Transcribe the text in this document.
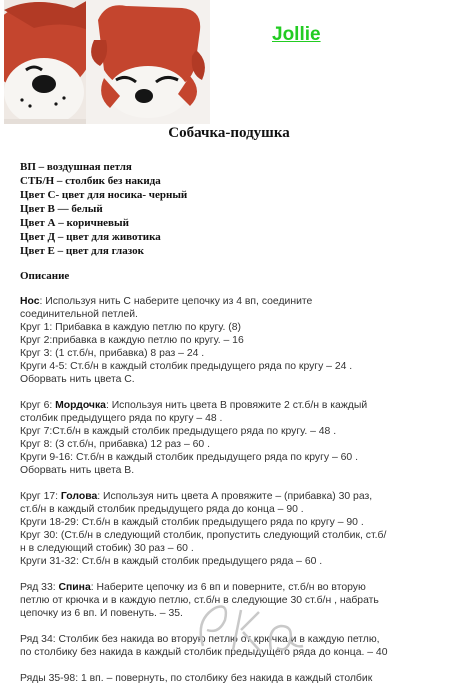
Jollie
Собачка-подушка
ВП – воздушная петля
СТБ/Н – столбик без накида
Цвет С- цвет для носика- черный
Цвет В — белый
Цвет А – коричневый
Цвет Д – цвет для животика
Цвет Е – цвет для глазок
Описание
Нос: Используя нить С наберите цепочку из 4 вп, соедините
соединительной петлей.
Круг 1: Прибавка в каждую петлю по кругу. (8)
Круг 2:прибавка в каждую петлю по кругу. – 16
Круг 3: (1 ст.б/н, прибавка) 8 раз – 24 .
Круги 4-5: Ст.б/н в каждый столбик предыдущего ряда по кругу – 24 .
Оборвать нить цвета С.
Круг 6: Мордочка: Используя нить цвета В провяжите 2 ст.б/н в каждый
столбик предыдущего ряда по кругу – 48 .
Круг 7:Ст.б/н в каждый столбик предыдущего ряда по кругу. – 48 .
Круг 8: (3 ст.б/н, прибавка) 12 раз – 60 .
Круги 9-16: Ст.б/н в каждый столбик предыдущего ряда по кругу – 60 .
Оборвать нить цвета В.
Круг 17: Голова: Используя нить цвета А провяжите – (прибавка) 30 раз,
ст.б/н в каждый столбик предыдущего ряда до конца – 90 .
Круги 18-29: Ст.б/н в каждый столбик предыдущего ряда по кругу – 90 .
Круг 30: (Ст.б/н в следующий столбик, пропустить следующий столбик, ст.б/
н в следующий стобик) 30 раз – 60 .
Круги 31-32: Ст.б/н в каждый столбик предыдущего ряда – 60 .
Ряд 33: Спина: Наберите цепочку из 6 вп и поверните, ст.б/н во вторую
петлю от крючка и в каждую петлю, ст.б/н в следующие 30 ст.б/н , набрать
цепочку из 6 вп. И повенуть. – 35.
Ряд 34: Столбик без накида во вторую петлю от крючка и в каждую петлю,
по столбику без накида в каждый столбик предыдущего ряда до конца. – 40
Ряды 35-98: 1 вп. – повернуть, по столбику без накида в каждый столбик
